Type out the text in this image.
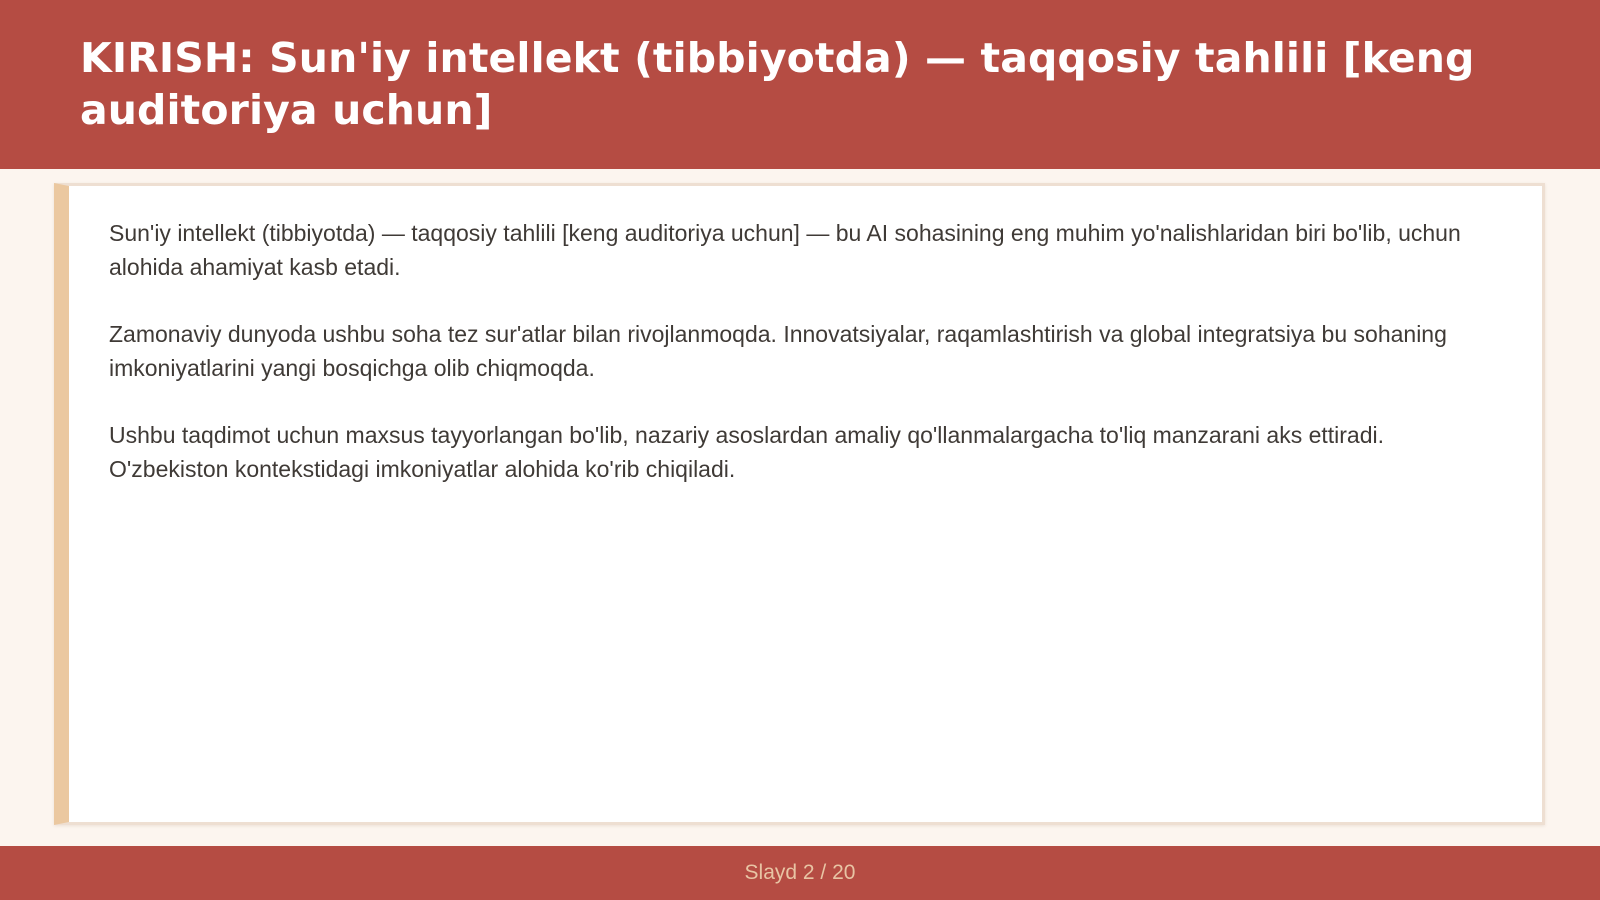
KIRISH: Sun'iy intellekt (tibbiyotda) — taqqosiy tahlili [keng auditoriya uchun]

Sun'iy intellekt (tibbiyotda) — taqqosiy tahlili [keng auditoriya uchun] — bu AI sohasining eng muhim yo'nalishlaridan biri bo'lib, uchun alohida ahamiyat kasb etadi.

Zamonaviy dunyoda ushbu soha tez sur'atlar bilan rivojlanmoqda. Innovatsiyalar, raqamlashtirish va global integratsiya bu sohaning imkoniyatlarini yangi bosqichga olib chiqmoqda.

Ushbu taqdimot uchun maxsus tayyorlangan bo'lib, nazariy asoslardan amaliy qo'llanmalargacha to'liq manzarani aks ettiradi. O'zbekiston kontekstidagi imkoniyatlar alohida ko'rib chiqiladi.

Slayd 2 / 20
